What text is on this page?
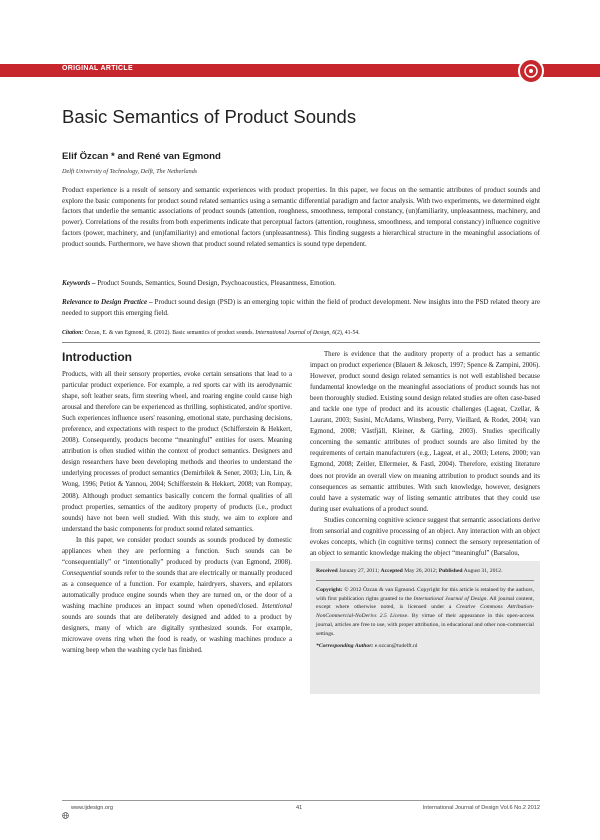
ORIGINAL ARTICLE
Basic Semantics of Product Sounds
Elif Özcan * and René van Egmond
Delft University of Technology, Delft, The Netherlands

Product experience is a result of sensory and semantic experiences with product properties. In this paper, we focus on the semantic attributes of product sounds and explore the basic components for product sound related semantics using a semantic differential paradigm and factor analysis. With two experiments, we determined eight factors that underlie the semantic associations of product sounds (attention, roughness, smoothness, temporal constancy, (un)familiarity, unpleasantness, machinery, and power). Correlations of the results from both experiments indicate that perceptual factors (attention, roughness, smoothness, and temporal constancy) influence cognitive factors (power, machinery, and (un)familiarity) and emotional factors (unpleasantness). This finding suggests a hierarchical structure in the meaningful associations of product sounds. Furthermore, we have shown that product sound related semantics is sound type dependent.

Keywords – Product Sounds, Semantics, Sound Design, Psychoacoustics, Pleasantness, Emotion.

Relevance to Design Practice – Product sound design (PSD) is an emerging topic within the field of product development. New insights into the PSD related theory are needed to support this emerging field.

Citation: Özcan, E. & van Egmond, R. (2012). Basic semantics of product sounds. International Journal of Design, 6(2), 41-54.

Introduction

Products, with all their sensory properties, evoke certain sensations that lead to a particular product experience. For example, a red sports car with its aerodynamic shape, soft leather seats, firm steering wheel, and roaring engine could cause high arousal and therefore can be experienced as thrilling, sophisticated, and/or sportive. Such experiences influence users' reasoning, emotional state, purchasing decisions, preference, and expectations with respect to the product (Schifferstein & Hekkert, 2008). Consequently, products become “meaningful” entities for users. Meaning attribution is often studied within the context of product semantics. Designers and design researchers have been developing methods and theories to understand the underlying processes of product semantics (Demirbilek & Sener, 2003; Lin, Lin, & Wong, 1996; Petiot & Yannou, 2004; Schifferstein & Hekkert, 2008; van Rompay, 2008). Although product semantics basically concern the formal qualities of all product properties, semantics of the auditory property of products (i.e., product sounds) have not been well studied. With this study, we aim to explore and understand the basic components for product sound related semantics.

In this paper, we consider product sounds as sounds produced by domestic appliances when they are performing a function. Such sounds can be “consequentially” or “intentionally” produced by products (van Egmond, 2008). Consequential sounds refer to the sounds that are electrically or manually produced as a consequence of a function. For example, hairdryers, shavers, and epilators automatically produce engine sounds when they are turned on, or the door of a washing machine produces an impact sound when opened/closed. Intentional sounds are sounds that are deliberately designed and added to a product by designers, many of which are digitally synthesized sounds. For example, microwave ovens ring when the food is ready, or washing machines produce a warning beep when the washing cycle has finished.

There is evidence that the auditory property of a product has a semantic impact on product experience (Blauert & Jekosch, 1997; Spence & Zampini, 2006). However, product sound design related semantics is not well established because fundamental knowledge on the meaningful associations of product sounds has not been thoroughly studied. Existing sound design related studies are often case-based and tackle one type of product and its acoustic challenges (Lageat, Czellar, & Laurant, 2003; Susini, McAdams, Winsberg, Perry, Vieillard, & Rodet, 2004; van Egmond, 2008; Västfjäll, Kleiner, & Gärling, 2003). Studies specifically concerning the semantic attributes of product sounds are also limited by the requirements of certain manufacturers (e.g., Lageat, et al., 2003; Letens, 2000; van Egmond, 2008; Zeitler, Ellermeier, & Fastl, 2004). Therefore, existing literature does not provide an overall view on meaning attribution to product sounds and its consequences as semantic attributes. With such knowledge, however, designers could have a systematic way of listing semantic attributes that they could use during user evaluations of a product sound.

Studies concerning cognitive science suggest that semantic associations derive from sensorial and cognitive processing of an object. Any interaction with an object evokes concepts, which (in cognitive terms) connect the sensory representation of an object to semantic knowledge making the object “meaningful” (Barsalou,

Received January 27, 2011; Accepted May 26, 2012; Published August 31, 2012.

Copyright: © 2012 Özcan & van Egmond. Copyright for this article is retained by the authors, with first publication rights granted to the International Journal of Design. All journal content, except where otherwise noted, is licensed under a Creative Commons Attribution-NonCommercial-NoDerivs 2.5 License. By virtue of their appearance in this open-access journal, articles are free to use, with proper attribution, in educational and other non-commercial settings.

*Corresponding Author: e.ozcan@tudelft.nl

www.ijdesign.org	41	International Journal of Design Vol.6 No.2 2012
